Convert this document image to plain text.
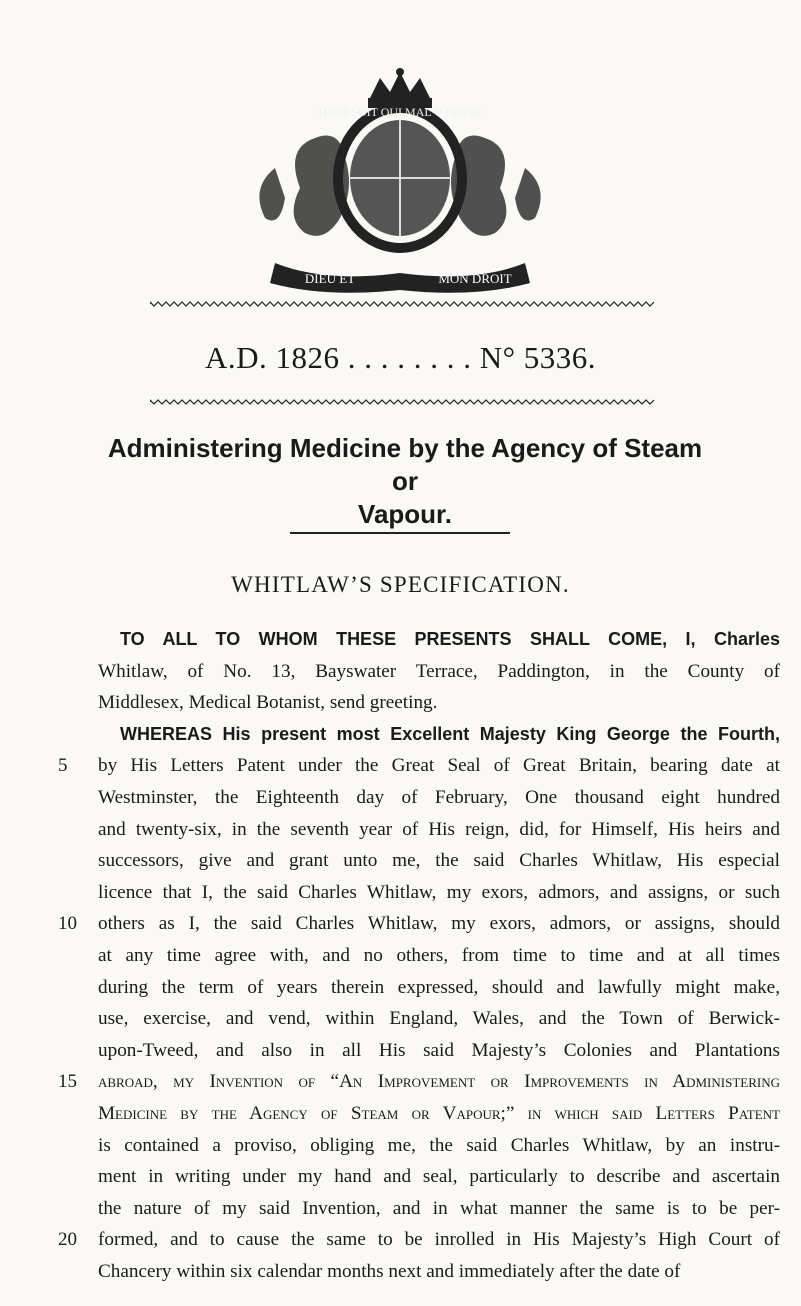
HONI SOIT QUI MAL Y PENSE
DIEU ET	MON DROIT
A.D. 1826 . . . . . . . . N° 5336.
Administering Medicine by the Agency of Steam or
Vapour.
WHITLAW’S SPECIFICATION.
TO ALL TO WHOM THESE PRESENTS SHALL COME, I, Charles
Whitlaw, of No. 13, Bayswater Terrace, Paddington, in the County of
Middlesex, Medical Botanist, send greeting.
WHEREAS His present most Excellent Majesty King George the Fourth,
5	by His Letters Patent under the Great Seal of Great Britain, bearing date at
Westminster, the Eighteenth day of February, One thousand eight hundred
and twenty-six, in the seventh year of His reign, did, for Himself, His heirs and
successors, give and grant unto me, the said Charles Whitlaw, His especial
licence that I, the said Charles Whitlaw, my exors, admors, and assigns, or such
10	others as I, the said Charles Whitlaw, my exors, admors, or assigns, should
at any time agree with, and no others, from time to time and at all times
during the term of years therein expressed, should and lawfully might make,
use, exercise, and vend, within England, Wales, and the Town of Berwick-
upon-Tweed, and also in all His said Majesty’s Colonies and Plantations
15	abroad, my Invention of “An Improvement or Improvements in Administering
Medicine by the Agency of Steam or Vapour;” in which said Letters Patent
is contained a proviso, obliging me, the said Charles Whitlaw, by an instru-
ment in writing under my hand and seal, particularly to describe and ascertain
the nature of my said Invention, and in what manner the same is to be per-
20	formed, and to cause the same to be inrolled in His Majesty’s High Court of
Chancery within six calendar months next and immediately after the date of
